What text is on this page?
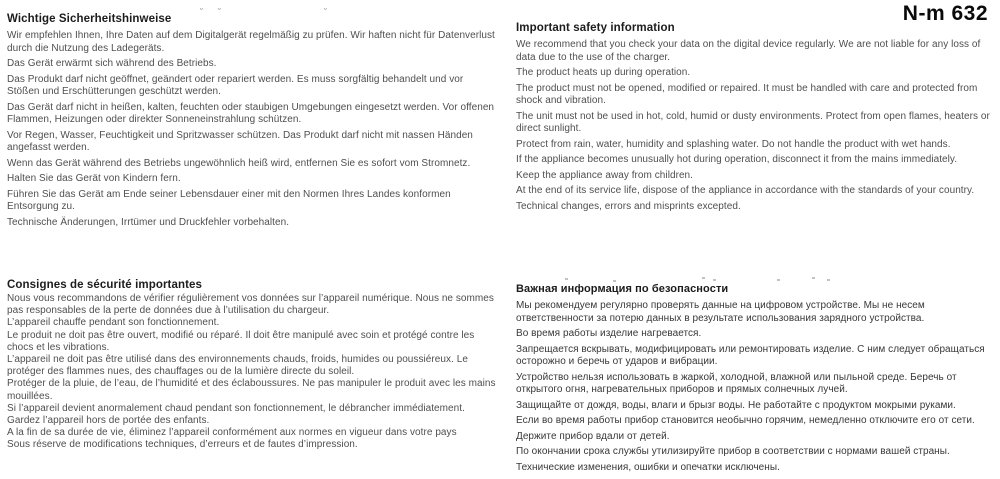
˘ ˘	˘	N-m 632
Wichtige Sicherheitshinweise

Wir empfehlen Ihnen, Ihre Daten auf dem Digitalgerät regelmäßig zu prüfen. Wir haften nicht für Datenverlust durch die Nutzung des Ladegeräts.

Das Gerät erwärmt sich während des Betriebs.

Das Produkt darf nicht geöffnet, geändert oder repariert werden. Es muss sorgfältig behandelt und vor Stößen und Erschütterungen geschützt werden.

Das Gerät darf nicht in heißen, kalten, feuchten oder staubigen Umgebungen eingesetzt werden. Vor offenen Flammen, Heizungen oder direkter Sonneneinstrahlung schützen.

Vor Regen, Wasser, Feuchtigkeit und Spritzwasser schützen. Das Produkt darf nicht mit nassen Händen angefasst werden.

Wenn das Gerät während des Betriebs ungewöhnlich heiß wird, entfernen Sie es sofort vom Stromnetz.

Halten Sie das Gerät von Kindern fern.

Führen Sie das Gerät am Ende seiner Lebensdauer einer mit den Normen Ihres Landes konformen Entsorgung zu.

Technische Änderungen, Irrtümer und Druckfehler vorbehalten.

Important safety information

We recommend that you check your data on the digital device regularly. We are not liable for any loss of data due to the use of the charger.

The product heats up during operation.

The product must not be opened, modified or repaired. It must be handled with care and protected from shock and vibration.

The unit must not be used in hot, cold, humid or dusty environments. Protect from open flames, heaters or direct sunlight.

Protect from rain, water, humidity and splashing water. Do not handle the product with wet hands.

If the appliance becomes unusually hot during operation, disconnect it from the mains immediately.

Keep the appliance away from children.

At the end of its service life, dispose of the appliance in accordance with the standards of your country.

Technical changes, errors and misprints excepted.

Consignes de sécurité importantes

Nous vous recommandons de vérifier régulièrement vos données sur l’appareil numérique. Nous ne sommes pas responsables de la perte de données due à l’utilisation du chargeur.

L’appareil chauffe pendant son fonctionnement.

Le produit ne doit pas être ouvert, modifié ou réparé. Il doit être manipulé avec soin et protégé contre les chocs et les vibrations.

L’appareil ne doit pas être utilisé dans des environnements chauds, froids, humides ou poussiéreux. Le protéger des flammes nues, des chauffages ou de la lumière directe du soleil.

Protéger de la pluie, de l’eau, de l’humidité et des éclaboussures. Ne pas manipuler le produit avec les mains mouillées.

Si l’appareil devient anormalement chaud pendant son fonctionnement, le débrancher immédiatement.

Gardez l’appareil hors de portée des enfants.

A la fin de sa durée de vie, éliminez l’appareil conformément aux normes en vigueur dans votre pays

Sous réserve de modifications techniques, d’erreurs et de fautes d’impression.

Важная информация по безопасности

Мы рекомендуем регулярно проверять данные на цифровом устройстве. Мы не несем ответственности за потерю данных в результате использования зарядного устройства.

Во время работы изделие нагревается.

Запрещается вскрывать, модифицировать или ремонтировать изделие. С ним следует обращаться осторожно и беречь от ударов и вибрации.

Устройство нельзя использовать в жаркой, холодной, влажной или пыльной среде. Беречь от открытого огня, нагревательных приборов и прямых солнечных лучей.

Защищайте от дождя, воды, влаги и брызг воды. Не работайте с продуктом мокрыми руками.

Если во время работы прибор становится необычно горячим, немедленно отключите его от сети.

Держите прибор вдали от детей.

По окончании срока службы утилизируйте прибор в соответствии с нормами вашей страны.

Технические изменения, ошибки и опечатки исключены.
